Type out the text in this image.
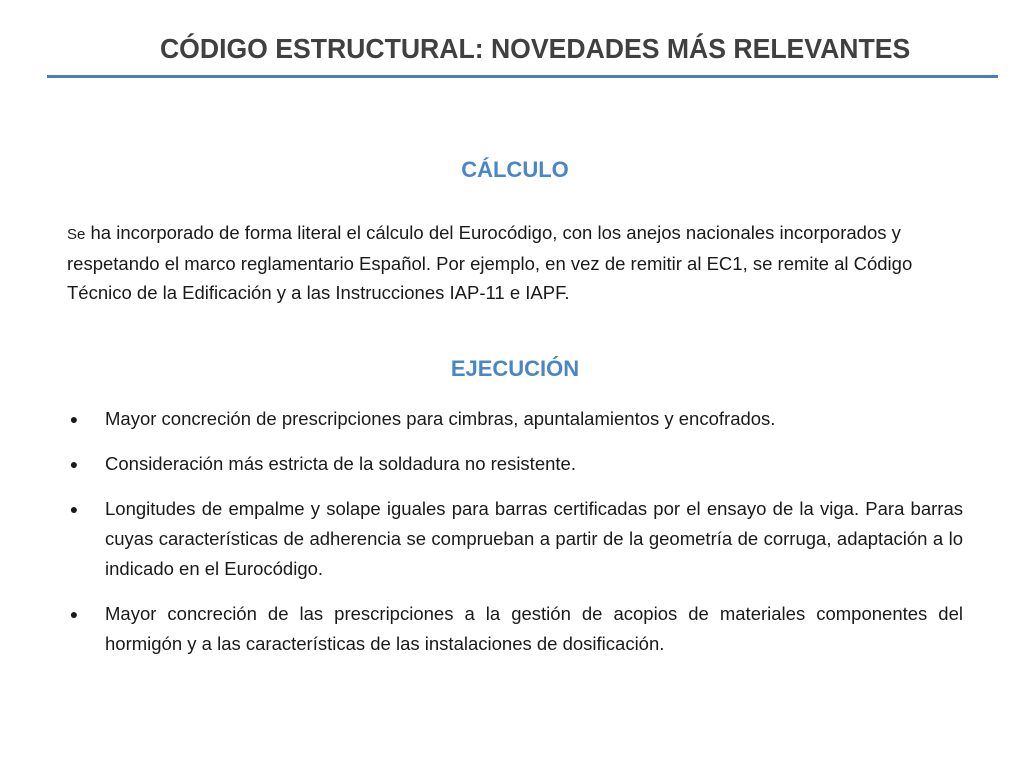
CÓDIGO ESTRUCTURAL: NOVEDADES MÁS RELEVANTES
CÁLCULO

Se ha incorporado de forma literal el cálculo del Eurocódigo, con los anejos nacionales incorporados y respetando el marco reglamentario Español. Por ejemplo, en vez de remitir al EC1, se remite al Código Técnico de la Edificación y a las Instrucciones IAP-11 e IAPF.

EJECUCIÓN
● Mayor concreción de prescripciones para cimbras, apuntalamientos y encofrados.
● Consideración más estricta de la soldadura no resistente.
● Longitudes de empalme y solape iguales para barras certificadas por el ensayo de la viga. Para barras cuyas características de adherencia se comprueban a partir de la geometría de corruga, adaptación a lo indicado en el Eurocódigo.
● Mayor concreción de las prescripciones a la gestión de acopios de materiales componentes del hormigón y a las características de las instalaciones de dosificación.
